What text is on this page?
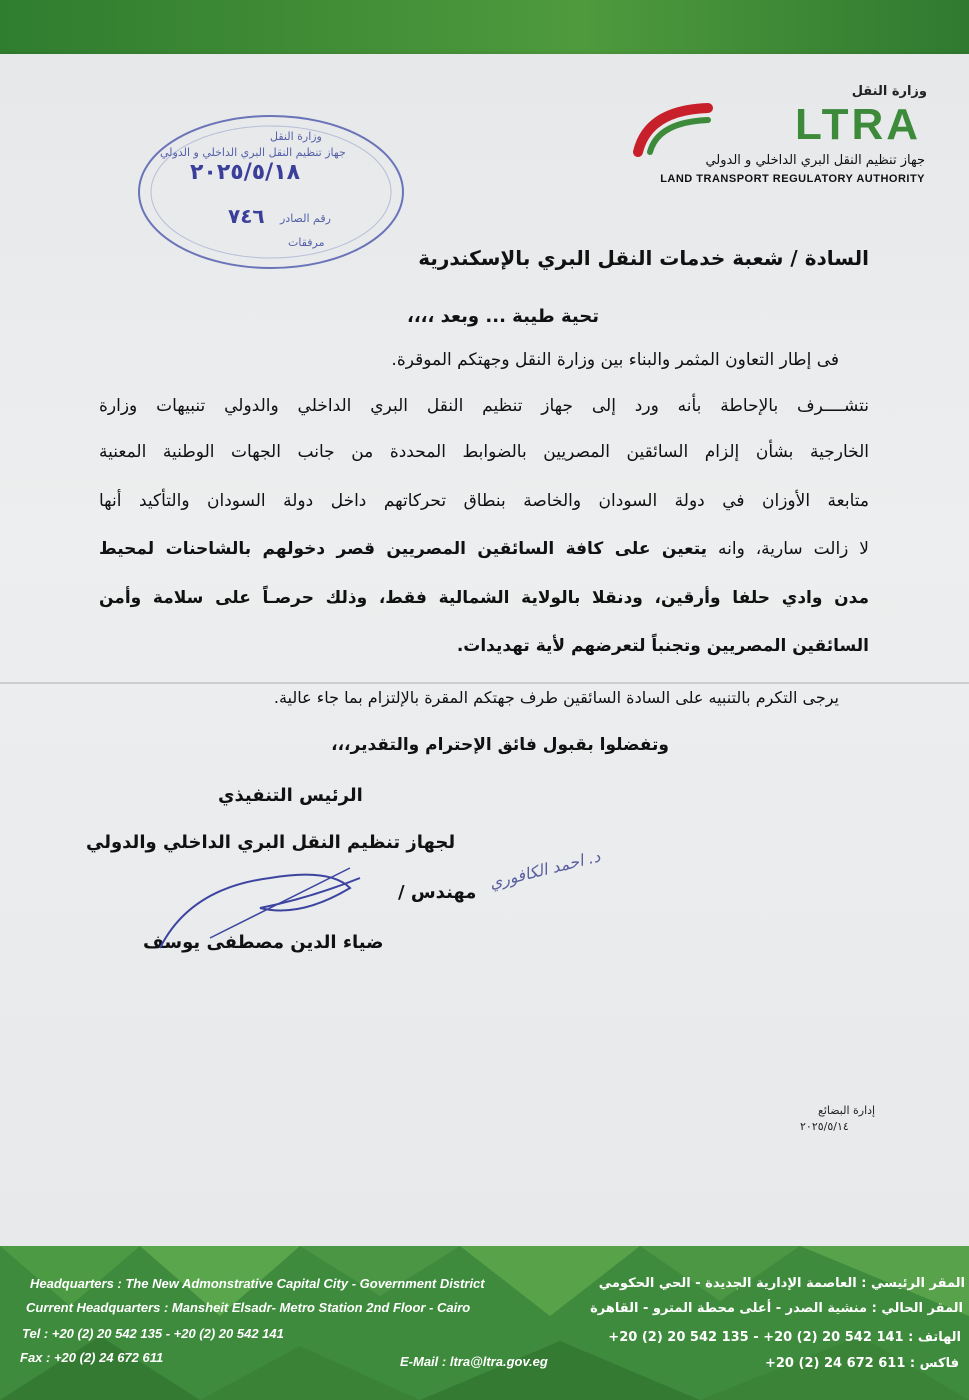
وزارة النقل
LTRA
جهاز تنظيم النقل البري الداخلي و الدولي
LAND TRANSPORT REGULATORY AUTHORITY
وزارة النقل
جهاز تنظيم النقل البري الداخلي و الدولي
٢٠٢٥/٥/١٨
٧٤٦ رقم الصادر
مرفقات
السادة / شعبة خدمات النقل البري بالإسكندرية
تحية طيبة ... وبعد ،،،،
فى إطار التعاون المثمر والبناء بين وزارة النقل وجهتكم الموقرة.
نتشــــرف بالإحاطة بأنه ورد إلى جهاز تنظيم النقل البري الداخلي والدولي تنبيهات وزارة
الخارجية بشأن إلزام السائقين المصريين بالضوابط المحددة من جانب الجهات الوطنية المعنية
متابعة الأوزان في دولة السودان والخاصة بنطاق تحركاتهم داخل دولة السودان والتأكيد أنها
لا زالت سارية، وانه يتعين على كافة السائقين المصريين قصر دخولهم بالشاحنات لمحيط
مدن وادي حلفا وأرقين، ودنقلا بالولاية الشمالية فقط، وذلك حرصـاً على سلامة وأمن
السائقين المصريين وتجنباً لتعرضهم لأية تهديدات.
يرجى التكرم بالتنبيه على السادة السائقين طرف جهتكم المقرة بالإلتزام بما جاء عالية.
وتفضلوا بقبول فائق الإحترام والتقدير،،،
الرئيس التنفيذي
لجهاز تنظيم النقل البري الداخلي والدولي
مهندس /
ضياء الدين مصطفى يوسف
د. احمد الكافوري
إدارة البضائع
٢٠٢٥/٥/١٤
Headquarters : The New Admonstrative Capital City - Government District
Current Headquarters : Mansheit Elsadr- Metro Station 2nd Floor - Cairo
Tel : +20 (2) 20 542 135 - +20 (2) 20 542 141
Fax : +20 (2) 24 672 611	E-Mail : ltra@ltra.gov.eg
المقر الرئيسي : العاصمة الإدارية الجديدة - الحي الحكومي
المقر الحالي : منشية الصدر - أعلى محطة المترو - القاهرة
الهاتف : 141 542 20 (2) 20+ - 135 542 20 (2) 20+
فاكس : 611 672 24 (2) 20+
